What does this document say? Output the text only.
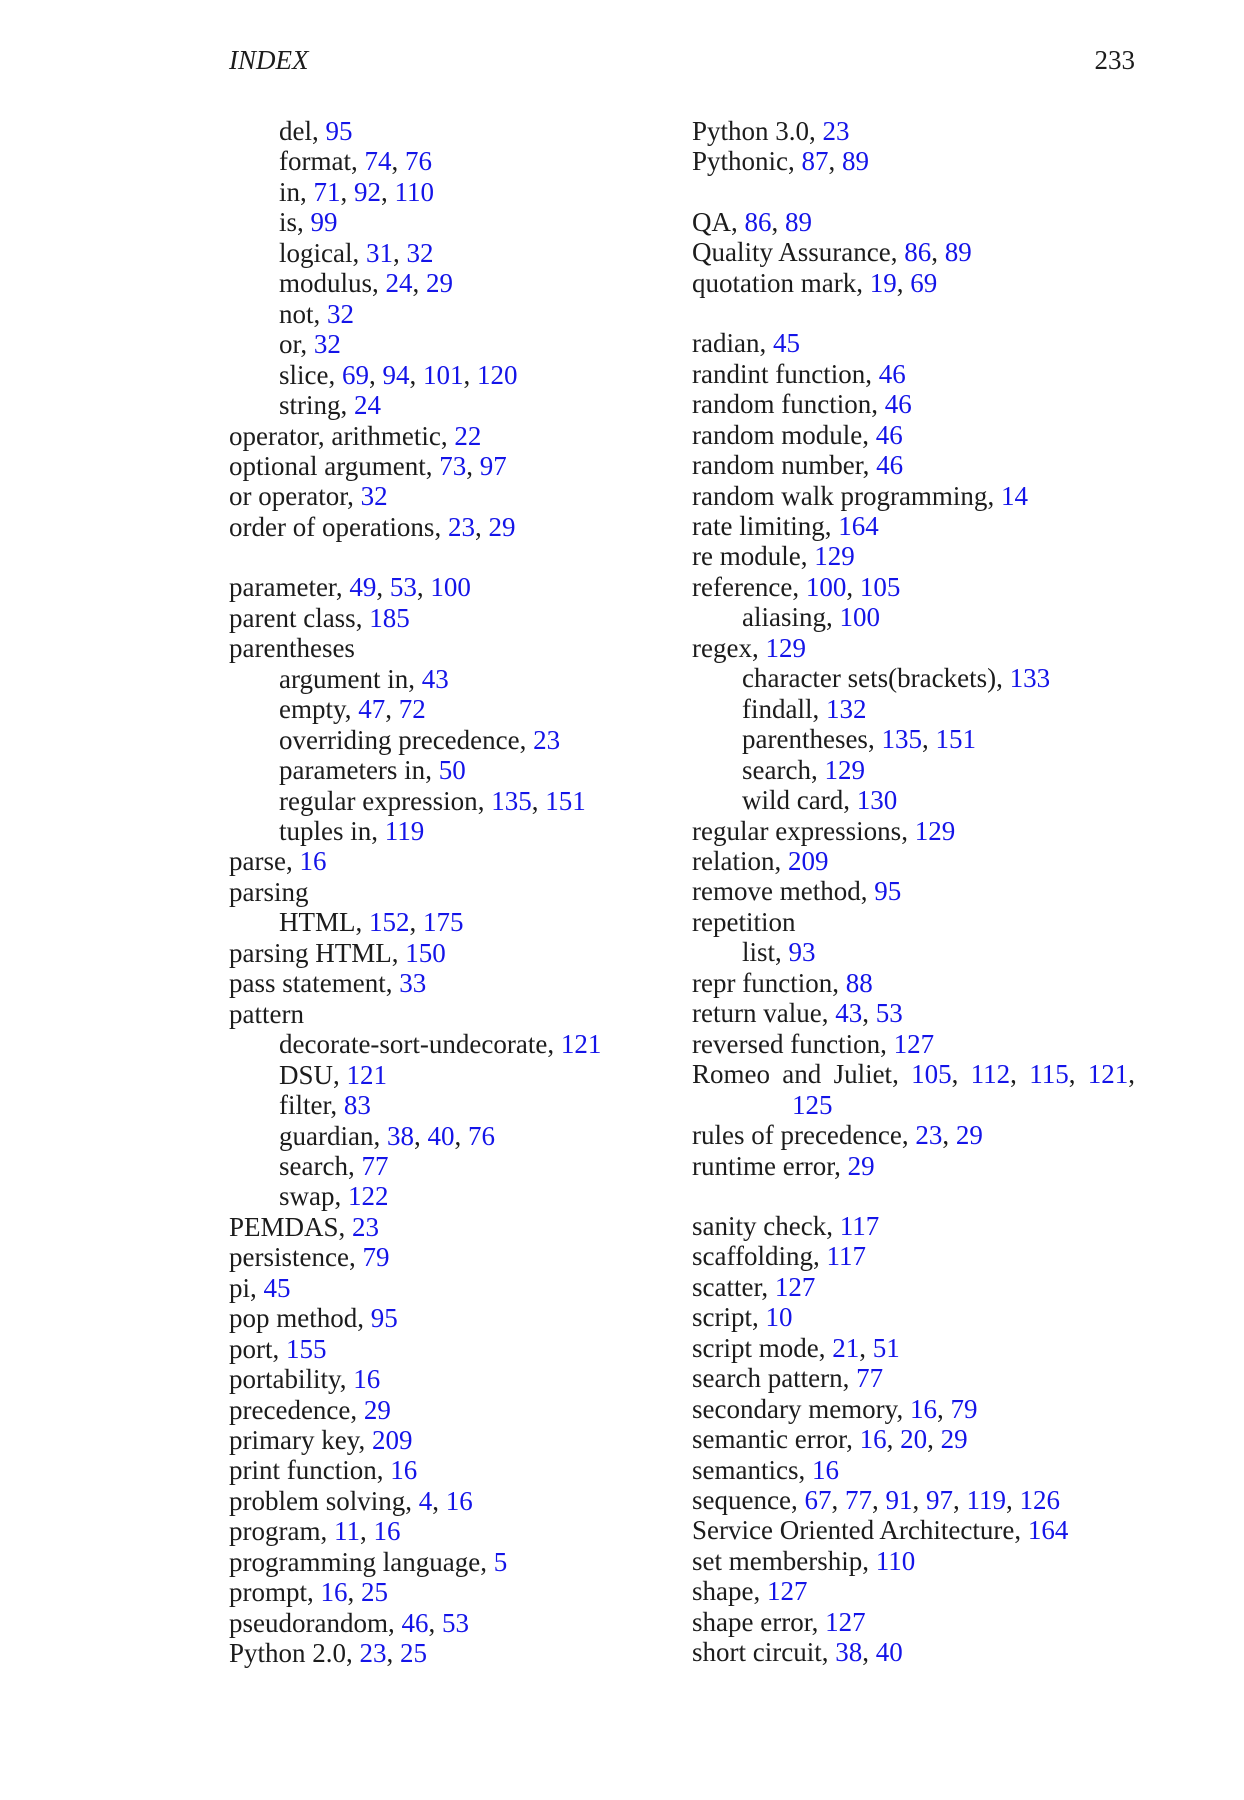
INDEX	233
del, 95
format, 74, 76
in, 71, 92, 110
is, 99
logical, 31, 32
modulus, 24, 29
not, 32
or, 32
slice, 69, 94, 101, 120
string, 24
operator, arithmetic, 22
optional argument, 73, 97
or operator, 32
order of operations, 23, 29
parameter, 49, 53, 100
parent class, 185
parentheses
argument in, 43
empty, 47, 72
overriding precedence, 23
parameters in, 50
regular expression, 135, 151
tuples in, 119
parse, 16
parsing
HTML, 152, 175
parsing HTML, 150
pass statement, 33
pattern
decorate-sort-undecorate, 121
DSU, 121
filter, 83
guardian, 38, 40, 76
search, 77
swap, 122
PEMDAS, 23
persistence, 79
pi, 45
pop method, 95
port, 155
portability, 16
precedence, 29
primary key, 209
print function, 16
problem solving, 4, 16
program, 11, 16
programming language, 5
prompt, 16, 25
pseudorandom, 46, 53
Python 2.0, 23, 25
Python 3.0, 23
Pythonic, 87, 89
QA, 86, 89
Quality Assurance, 86, 89
quotation mark, 19, 69
radian, 45
randint function, 46
random function, 46
random module, 46
random number, 46
random walk programming, 14
rate limiting, 164
re module, 129
reference, 100, 105
aliasing, 100
regex, 129
character sets(brackets), 133
findall, 132
parentheses, 135, 151
search, 129
wild card, 130
regular expressions, 129
relation, 209
remove method, 95
repetition
list, 93
repr function, 88
return value, 43, 53
reversed function, 127
Romeo and Juliet, 105, 112, 115, 121, 125
rules of precedence, 23, 29
runtime error, 29
sanity check, 117
scaffolding, 117
scatter, 127
script, 10
script mode, 21, 51
search pattern, 77
secondary memory, 16, 79
semantic error, 16, 20, 29
semantics, 16
sequence, 67, 77, 91, 97, 119, 126
Service Oriented Architecture, 164
set membership, 110
shape, 127
shape error, 127
short circuit, 38, 40
